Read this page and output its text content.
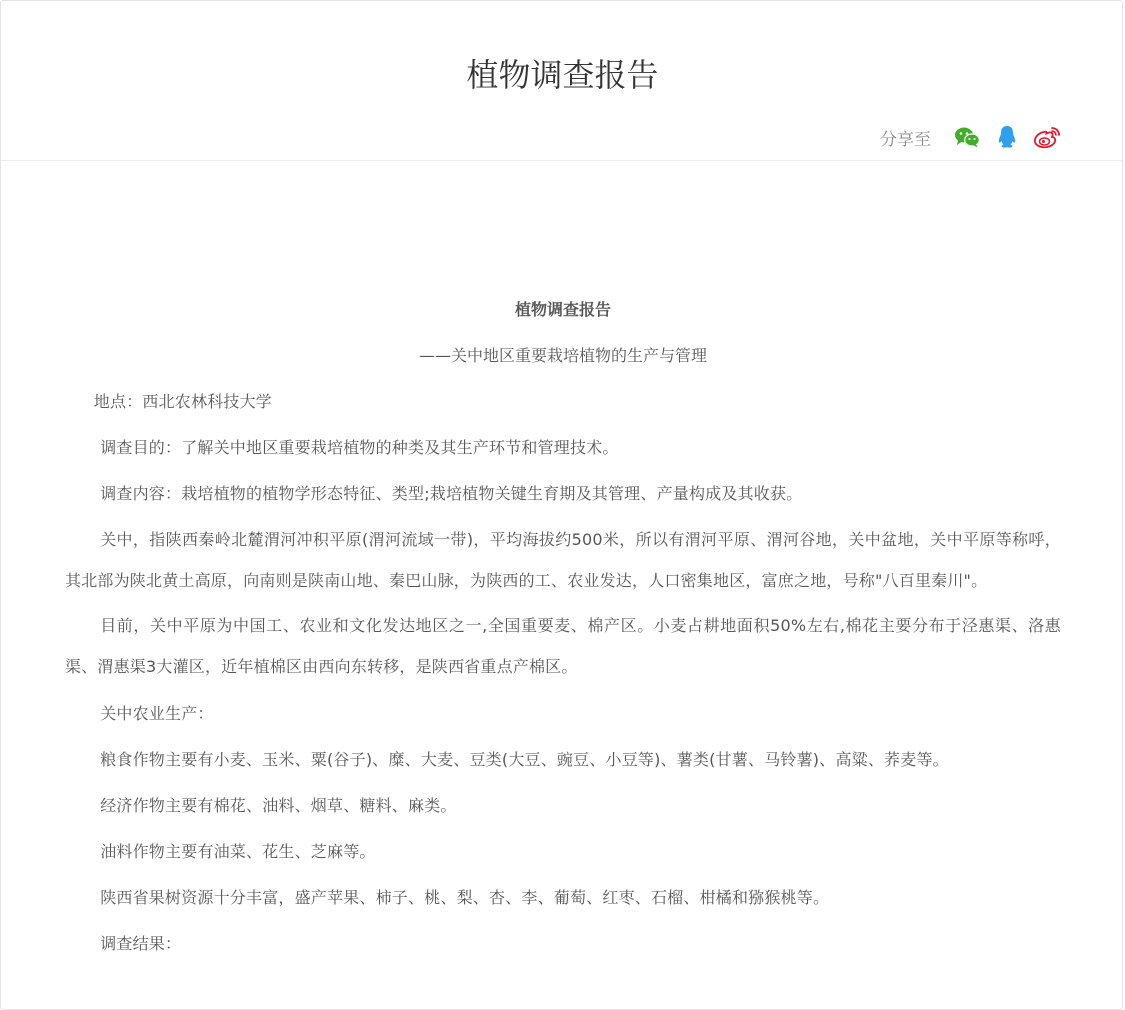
植物调查报告
分享至

植物调查报告

——关中地区重要栽培植物的生产与管理

地点：西北农林科技大学

调查目的：了解关中地区重要栽培植物的种类及其生产环节和管理技术。

调查内容：栽培植物的植物学形态特征、类型;栽培植物关键生育期及其管理、产量构成及其收获。

关中，指陕西秦岭北麓渭河冲积平原(渭河流域一带)，平均海拔约500米，所以有渭河平原、渭河谷地，关中盆地，关中平原等称呼，其北部为陕北黄土高原，向南则是陕南山地、秦巴山脉，为陕西的工、农业发达，人口密集地区，富庶之地，号称"八百里秦川"。

目前，关中平原为中国工、农业和文化发达地区之一,全国重要麦、棉产区。小麦占耕地面积50%左右,棉花主要分布于泾惠渠、洛惠渠、渭惠渠3大灌区，近年植棉区由西向东转移，是陕西省重点产棉区。

关中农业生产：

粮食作物主要有小麦、玉米、粟(谷子)、糜、大麦、豆类(大豆、豌豆、小豆等)、薯类(甘薯、马铃薯)、高粱、荞麦等。

经济作物主要有棉花、油料、烟草、糖料、麻类。

油料作物主要有油菜、花生、芝麻等。

陕西省果树资源十分丰富，盛产苹果、柿子、桃、梨、杏、李、葡萄、红枣、石榴、柑橘和猕猴桃等。

调查结果：
